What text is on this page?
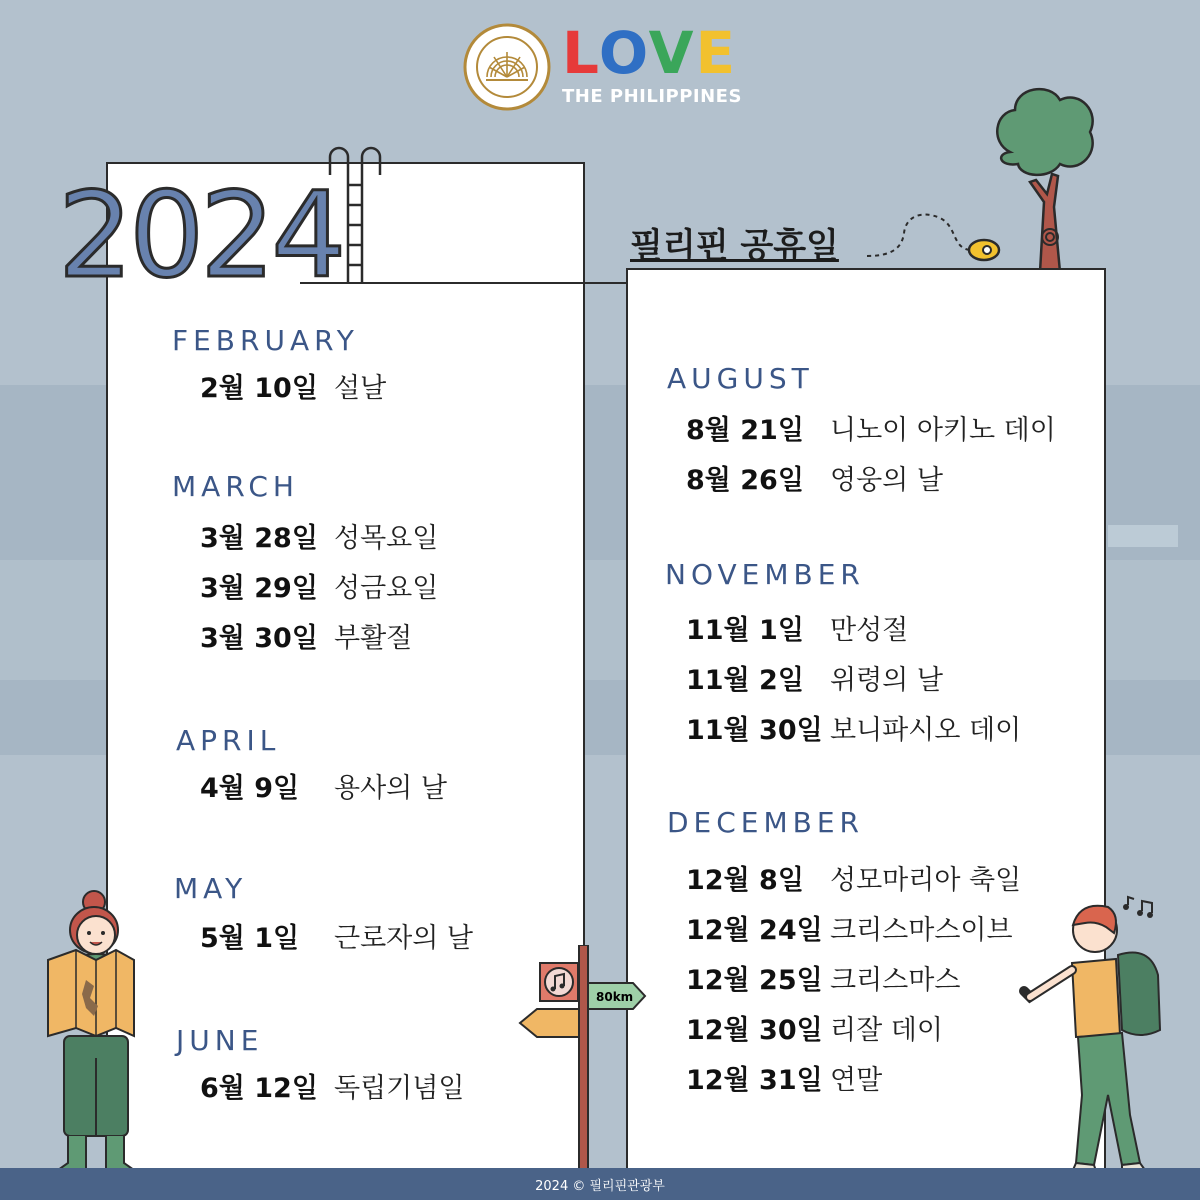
LOVE
THE PHILIPPINES
2024	필리핀 공휴일
FEBRUARY
2월 10일 설날
MARCH
3월 28일 성목요일
3월 29일 성금요일
3월 30일 부활절
APRIL
4월 9일 용사의 날
MAY
5월 1일 근로자의 날
JUNE
6월 12일 독립기념일
AUGUST
8월 21일 니노이 아키노 데이
8월 26일 영웅의 날
NOVEMBER
11월 1일 만성절
11월 2일 위령의 날
11월 30일 보니파시오 데이
DECEMBER
12월 8일 성모마리아 축일
12월 24일 크리스마스이브
12월 25일 크리스마스
12월 30일 리잘 데이
12월 31일 연말
80km
2024 © 필리핀관광부
